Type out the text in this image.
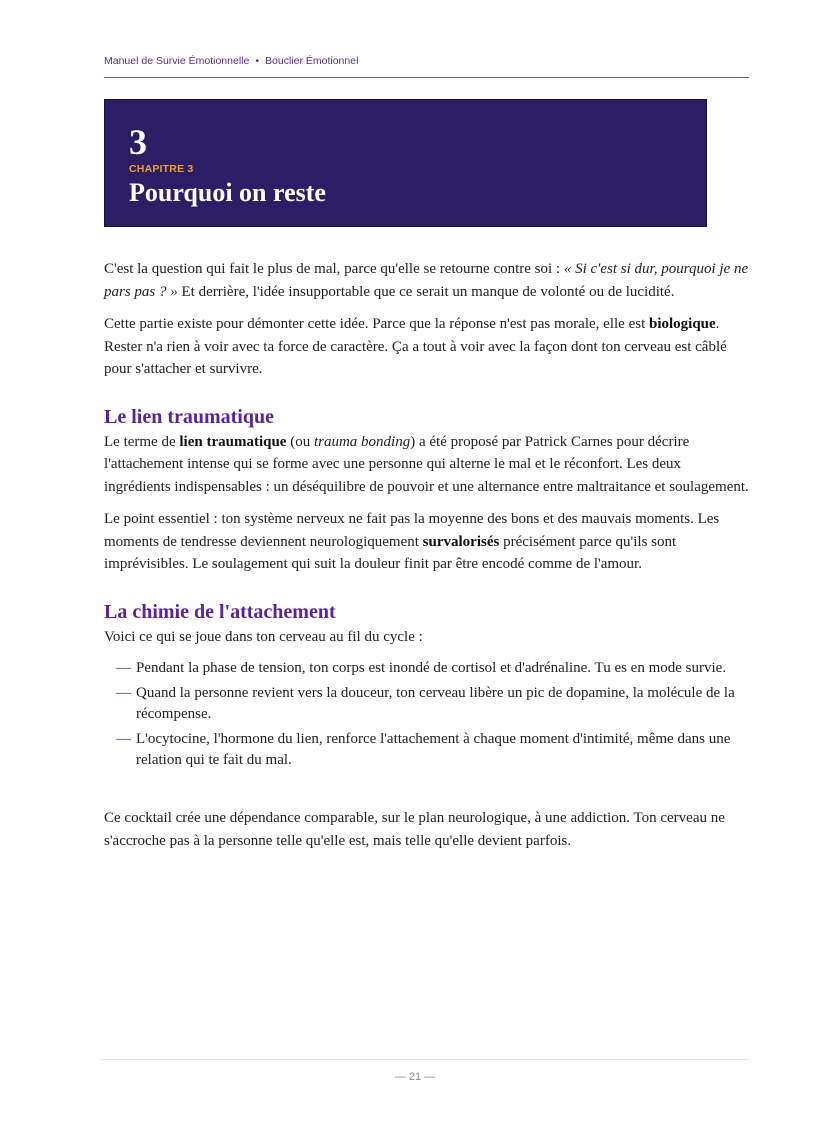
Manuel de Survie Émotionnelle • Bouclier Émotionnel
3
CHAPITRE 3
Pourquoi on reste

C'est la question qui fait le plus de mal, parce qu'elle se retourne contre soi : « Si c'est si dur, pourquoi je ne pars pas ? » Et derrière, l'idée insupportable que ce serait un manque de volonté ou de lucidité.

Cette partie existe pour démonter cette idée. Parce que la réponse n'est pas morale, elle est biologique. Rester n'a rien à voir avec ta force de caractère. Ça a tout à voir avec la façon dont ton cerveau est câblé pour s'attacher et survivre.

Le lien traumatique

Le terme de lien traumatique (ou trauma bonding) a été proposé par Patrick Carnes pour décrire l'attachement intense qui se forme avec une personne qui alterne le mal et le réconfort. Les deux ingrédients indispensables : un déséquilibre de pouvoir et une alternance entre maltraitance et soulagement.

Le point essentiel : ton système nerveux ne fait pas la moyenne des bons et des mauvais moments. Les moments de tendresse deviennent neurologiquement survalorisés précisément parce qu'ils sont imprévisibles. Le soulagement qui suit la douleur finit par être encodé comme de l'amour.

La chimie de l'attachement

Voici ce qui se joue dans ton cerveau au fil du cycle :

— Pendant la phase de tension, ton corps est inondé de cortisol et d'adrénaline. Tu es en mode survie.
— Quand la personne revient vers la douceur, ton cerveau libère un pic de dopamine, la molécule de la récompense.
— L'ocytocine, l'hormone du lien, renforce l'attachement à chaque moment d'intimité, même dans une relation qui te fait du mal.

Ce cocktail crée une dépendance comparable, sur le plan neurologique, à une addiction. Ton cerveau ne s'accroche pas à la personne telle qu'elle est, mais telle qu'elle devient parfois.

— 21 —
